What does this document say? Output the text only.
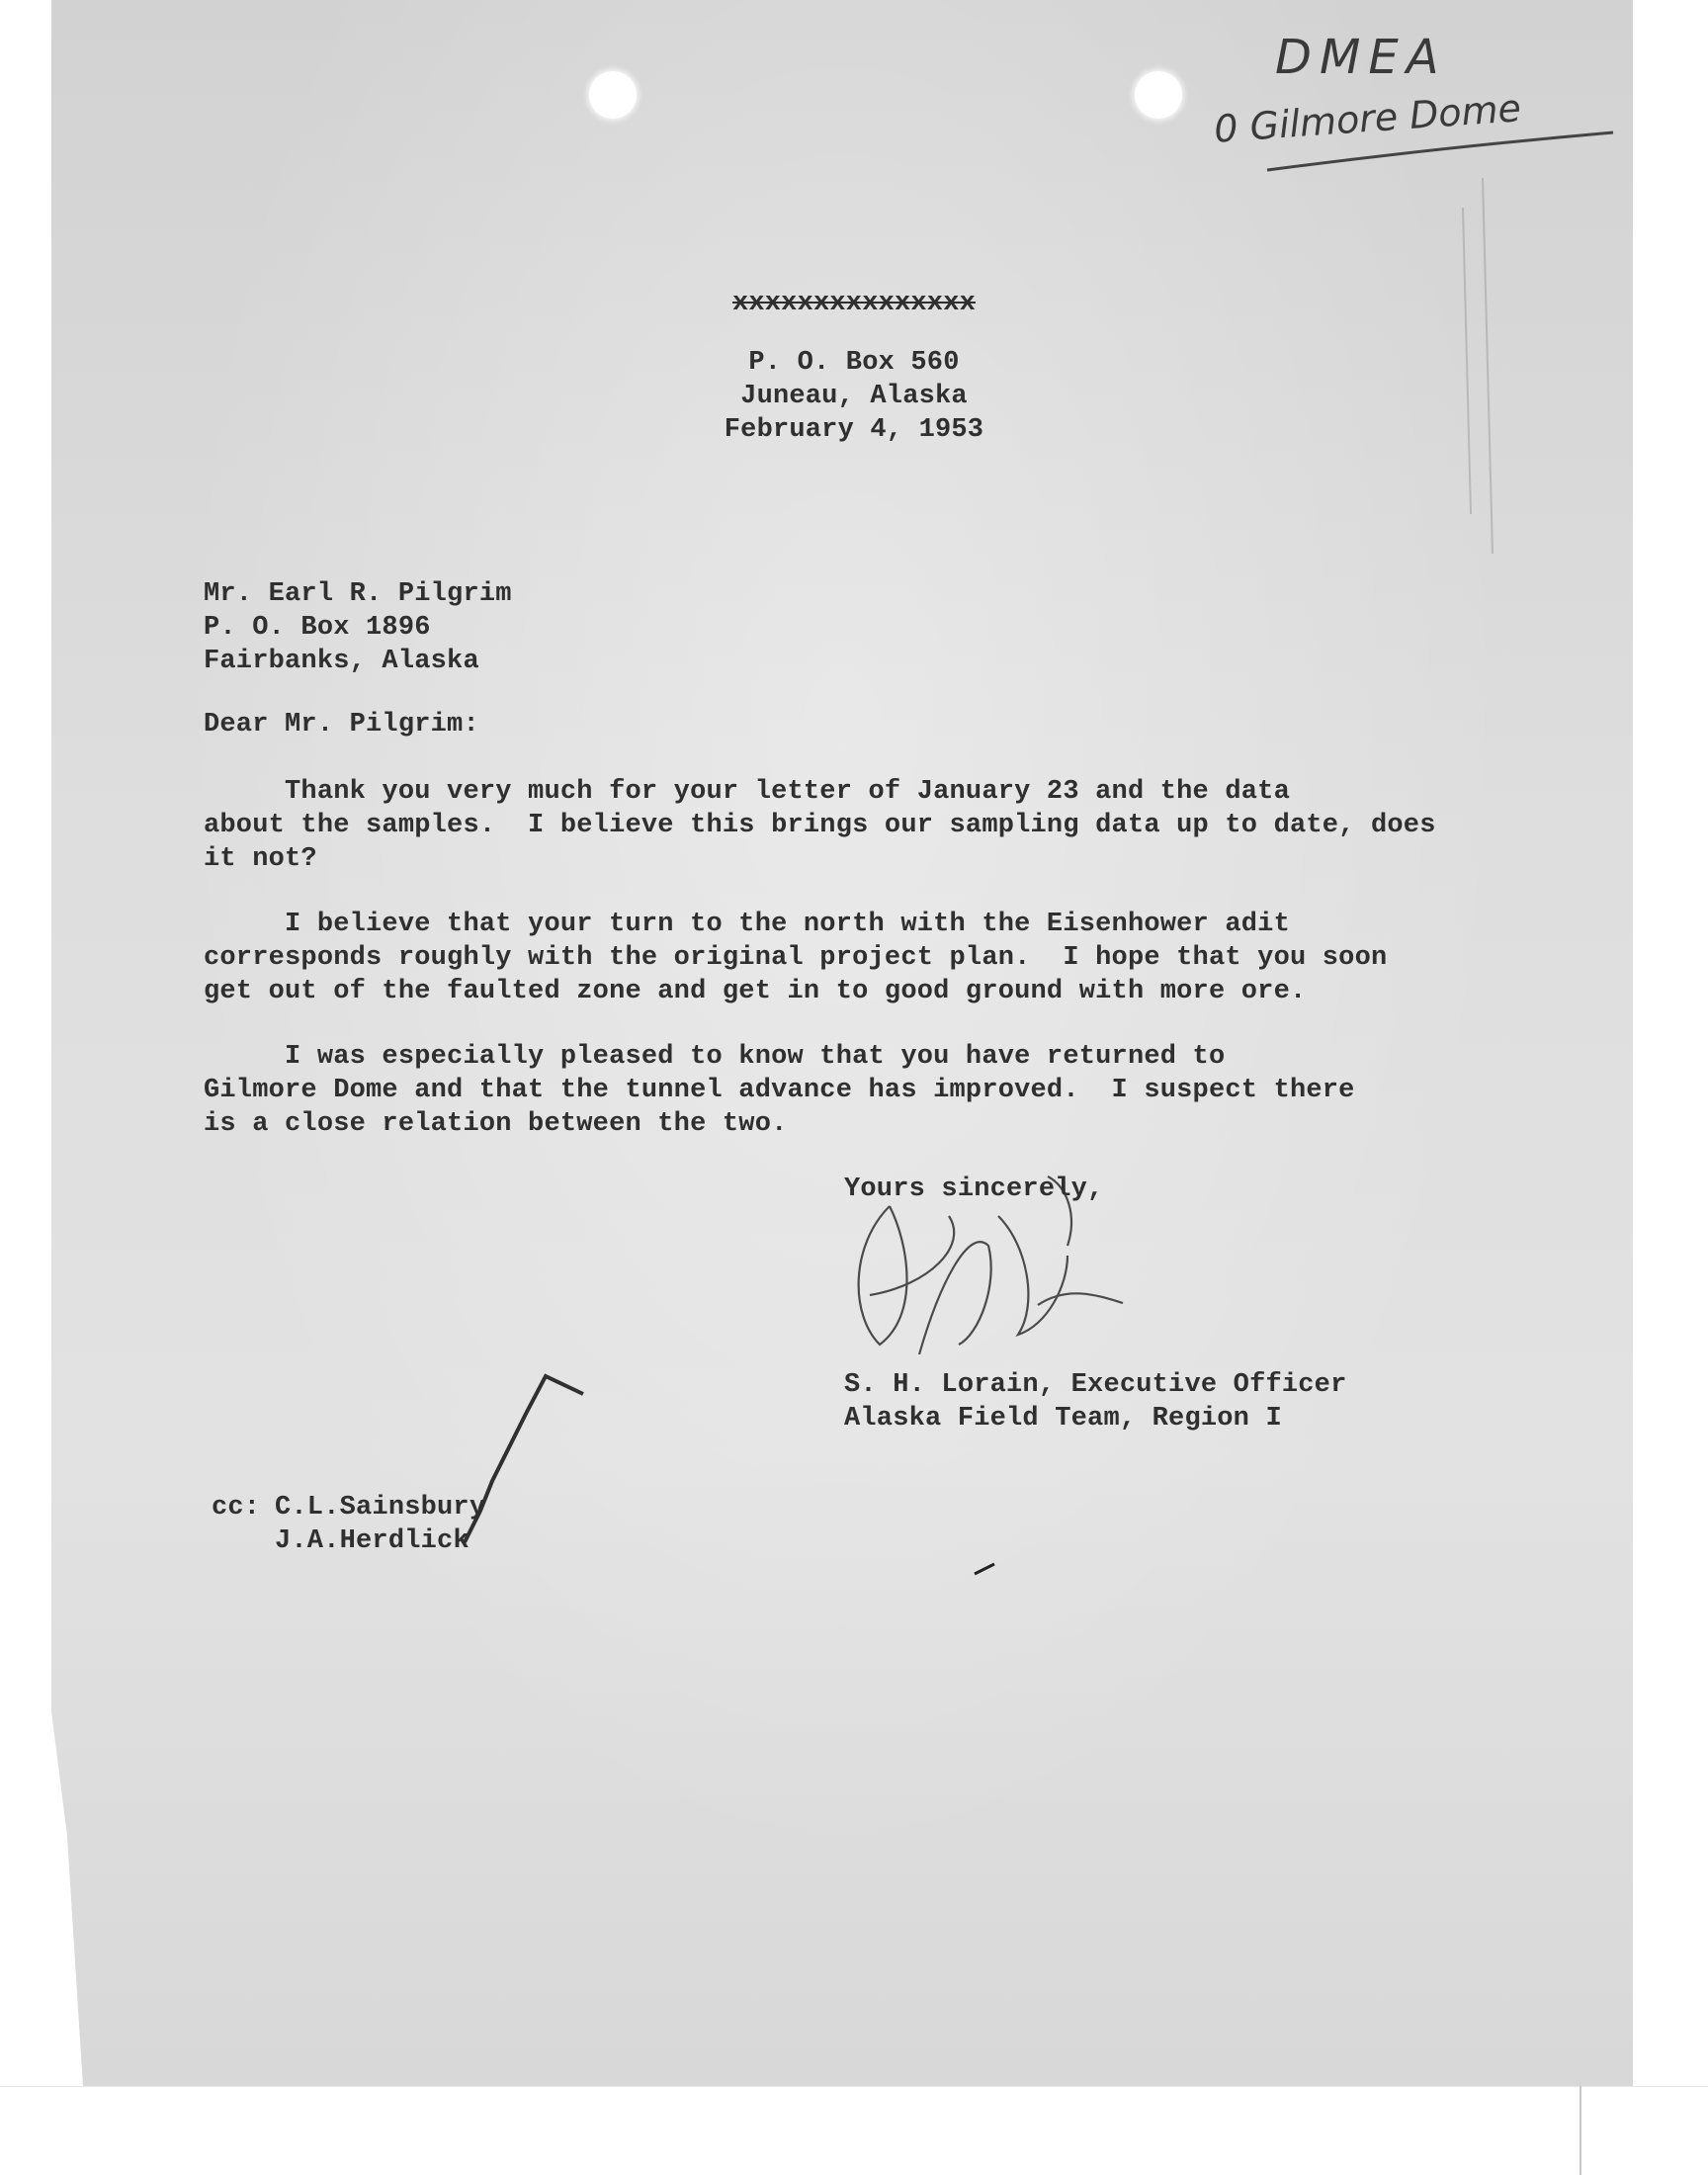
DMEA
0 Gilmore Dome
xxxxxxxxxxxxxxx
P. O. Box 560
Juneau, Alaska
February 4, 1953
Mr. Earl R. Pilgrim
P. O. Box 1896
Fairbanks, Alaska
Dear Mr. Pilgrim:
Thank you very much for your letter of January 23 and the data
about the samples.  I believe this brings our sampling data up to date, does
it not?
I believe that your turn to the north with the Eisenhower adit
corresponds roughly with the original project plan.  I hope that you soon
get out of the faulted zone and get in to good ground with more ore.
I was especially pleased to know that you have returned to
Gilmore Dome and that the tunnel advance has improved.  I suspect there
is a close relation between the two.
Yours sincerely,
S. H. Lorain, Executive Officer
Alaska Field Team, Region I
cc: C.L.Sainsbury
J.A.Herdlick
